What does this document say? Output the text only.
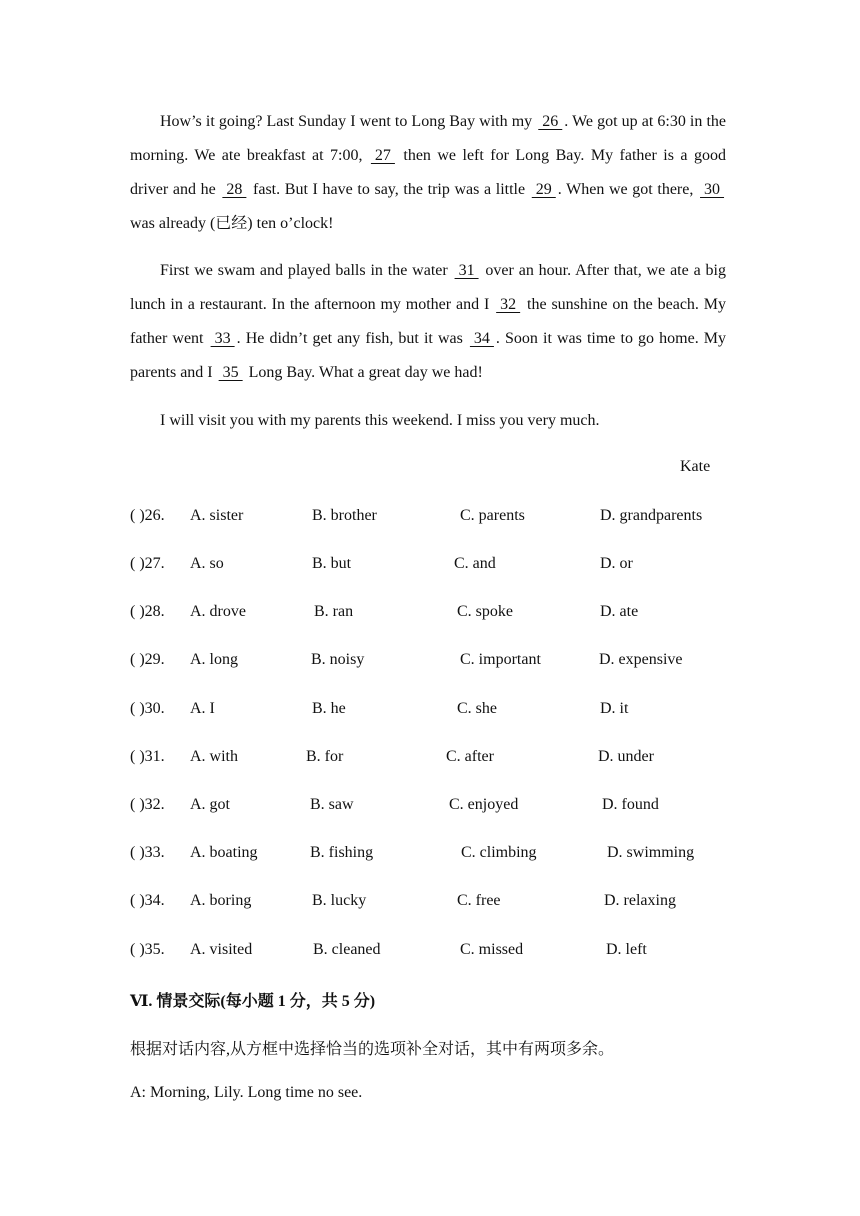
How’s it going? Last Sunday I went to Long Bay with my  26 . We got up at 6:30 in the morning. We ate breakfast at 7:00,  27  then we left for Long Bay. My father is a good driver and he  28  fast. But I have to say, the trip was a little  29 . When we got there,  30  was already (已经) ten o’clock!

First we swam and played balls in the water  31  over an hour. After that, we ate a big lunch in a restaurant. In the afternoon my mother and I  32  the sunshine on the beach. My father went  33 . He didn’t get any fish, but it was  34 . Soon it was time to go home. My parents and I  35  Long Bay. What a great day we had!

I will visit you with my parents this weekend. I miss you very much.

Kate

( )26. A. sister	B. brother	C. parents	D. grandparents
( )27. A. so	B. but	C. and	D. or
( )28. A. drove	B. ran	C. spoke	D. ate
( )29. A. long	B. noisy	C. important	D. expensive
( )30. A. I	B. he	C. she	D. it
( )31. A. with	B. for	C. after	D. under
( )32. A. got	B. saw	C. enjoyed	D. found
( )33. A. boating	B. fishing	C. climbing	D. swimming
( )34. A. boring	B. lucky	C. free	D. relaxing
( )35. A. visited	B. cleaned	C. missed	D. left

Ⅵ. 情景交际(每小题 1 分，共 5 分)

根据对话内容,从方框中选择恰当的选项补全对话，其中有两项多余。

A: Morning, Lily. Long time no see.
